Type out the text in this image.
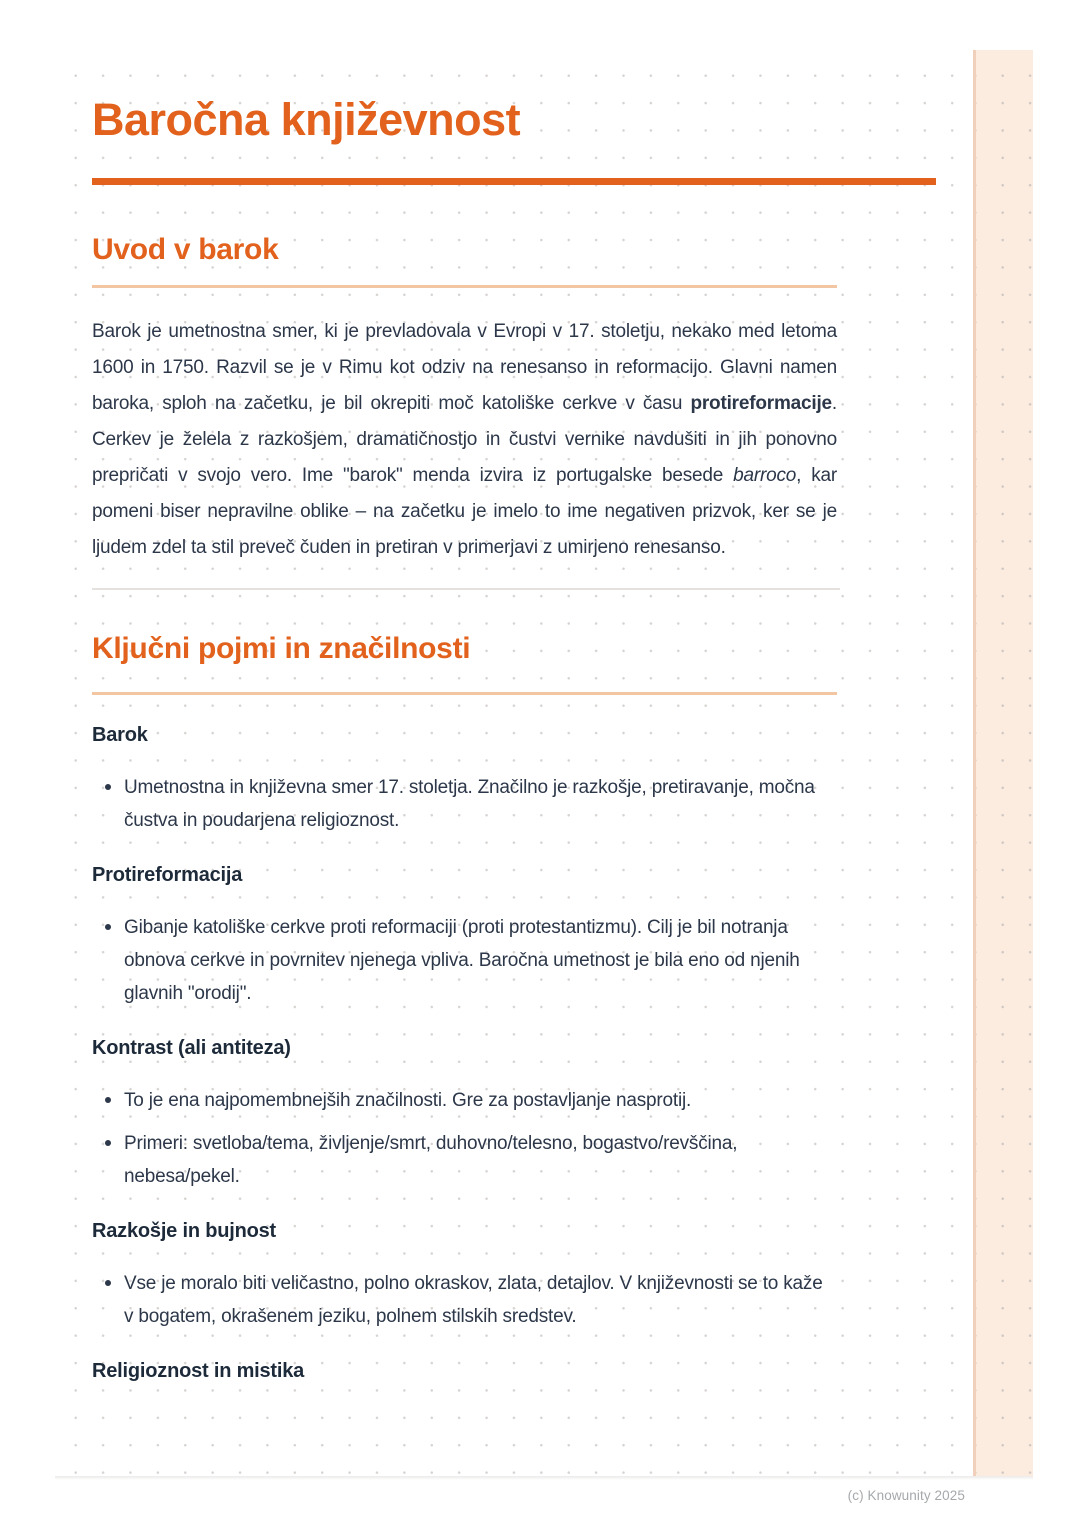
Baročna književnost
Uvod v barok

Barok je umetnostna smer, ki je prevladovala v Evropi v 17. stoletju, nekako med letoma 1600 in 1750. Razvil se je v Rimu kot odziv na renesanso in reformacijo. Glavni namen baroka, sploh na začetku, je bil okrepiti moč katoliške cerkve v času protireformacije. Cerkev je želela z razkošjem, dramatičnostjo in čustvi vernike navdušiti in jih ponovno prepričati v svojo vero. Ime "barok" menda izvira iz portugalske besede barroco, kar pomeni biser nepravilne oblike – na začetku je imelo to ime negativen prizvok, ker se je ljudem zdel ta stil preveč čuden in pretiran v primerjavi z umirjeno renesanso.

Ključni pojmi in značilnosti
Barok
Umetnostna in književna smer 17. stoletja. Značilno je razkošje, pretiravanje, močna čustva in poudarjena religioznost.
Protireformacija
Gibanje katoliške cerkve proti reformaciji (proti protestantizmu). Cilj je bil notranja obnova cerkve in povrnitev njenega vpliva. Baročna umetnost je bila eno od njenih glavnih "orodij".
Kontrast (ali antiteza)
To je ena najpomembnejših značilnosti. Gre za postavljanje nasprotij.
Primeri: svetloba/tema, življenje/smrt, duhovno/telesno, bogastvo/revščina, nebesa/pekel.
Razkošje in bujnost
Vse je moralo biti veličastno, polno okraskov, zlata, detajlov. V književnosti se to kaže v bogatem, okrašenem jeziku, polnem stilskih sredstev.
Religioznost in mistika
(c) Knowunity 2025
